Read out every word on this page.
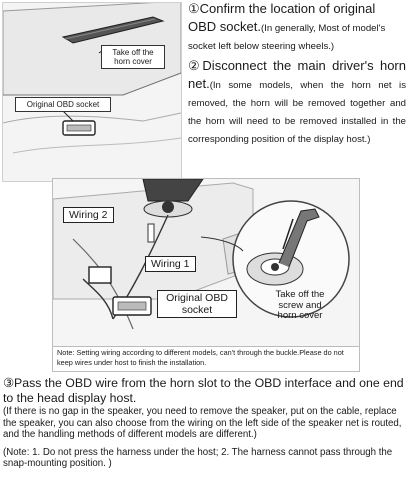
Take off the horn cover
Original OBD socket
①Confirm the location of original OBD socket.(In generally, Most of model's socket left below steering wheels.)
②Disconnect the main driver's horn net.(In some models, when the horn net is removed, the horn will be removed together and the horn will need to be removed installed in the corresponding position of the display host.)
Wiring 2
Wiring 1
Original OBD socket
Take off the screw and horn cover
Note: Setting wiring according to different models, can't through the buckle.Please do not keep wires under host to finish the installation.
③Pass the OBD wire from the horn slot to the OBD interface and one end to the head display host.
(If there is no gap in the speaker, you need to remove the speaker, put on the cable, replace the speaker, you can also choose from the wiring on the left side of the speaker net is routed, and the handling methods of different models are different.)
(Note: 1. Do not press the harness under the host; 2. The harness cannot pass through the snap-mounting position. )
